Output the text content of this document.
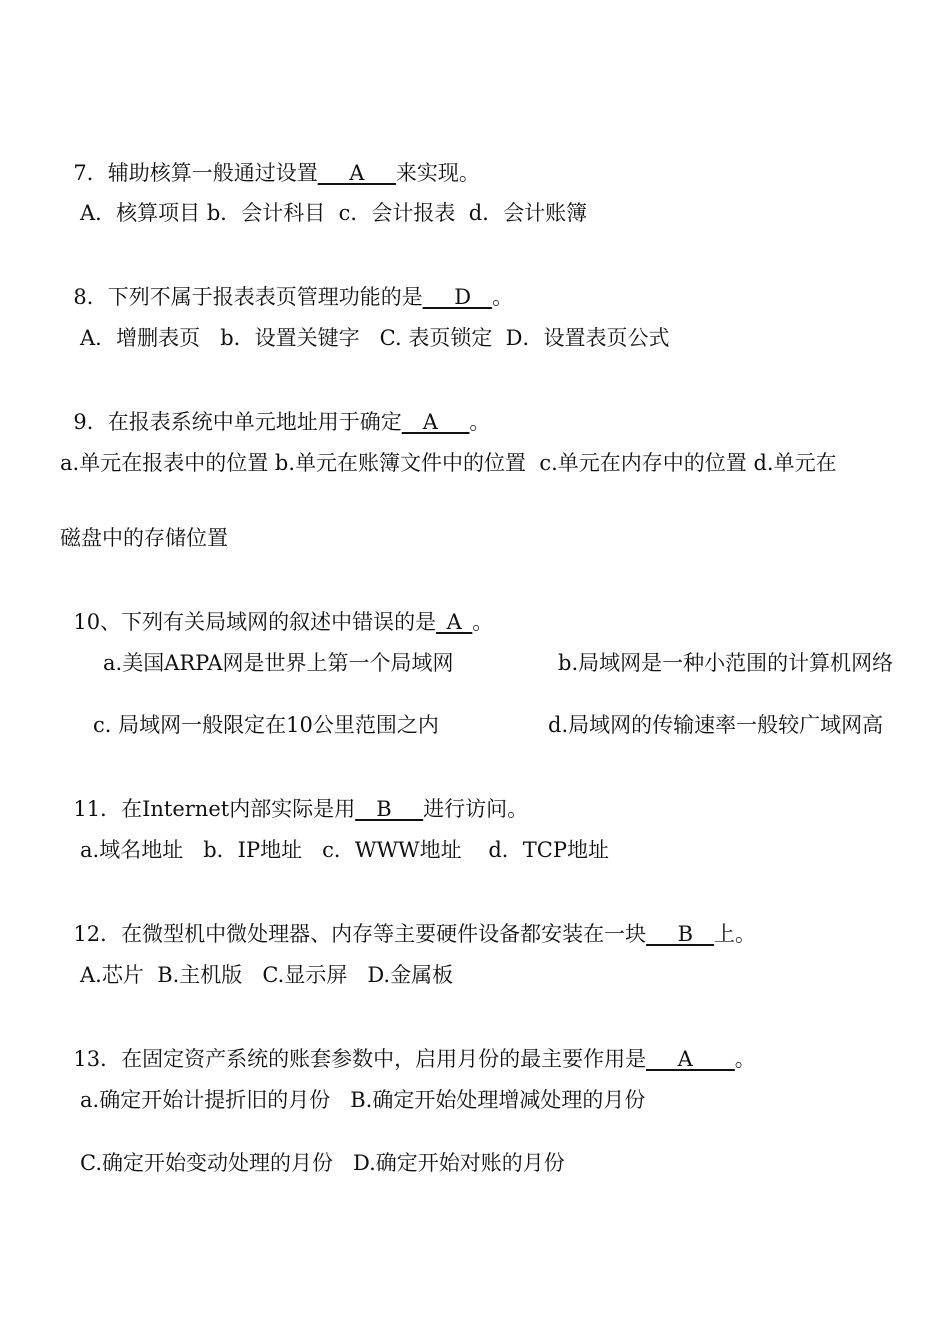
7．辅助核算一般通过设置___A___来实现。

A．核算项目 b．会计科目  c．会计报表  d．会计账簿

8．下列不属于报表表页管理功能的是___D__。

A．增删表页   b．设置关键字   C. 表页锁定  D．设置表页公式

9．在报表系统中单元地址用于确定__A___。

a.单元在报表中的位置 b.单元在账簿文件中的位置  c.单元在内存中的位置 d.单元在
磁盘中的存储位置

10、下列有关局域网的叙述中错误的是_A_。

a.美国ARPA网是世界上第一个局域网	b.局域网是一种小范围的计算机网络
c. 局域网一般限定在10公里范围之内	d.局域网的传输速率一般较广域网高

11．在Internet内部实际是用__B___进行访问。

a.域名地址   b．IP地址   c．WWW地址    d．TCP地址

12．在微型机中微处理器、内存等主要硬件设备都安装在一块___B__上。

A.芯片  B.主机版   C.显示屏   D.金属板

13．在固定资产系统的账套参数中，启用月份的最主要作用是___A____。

a.确定开始计提折旧的月份   B.确定开始处理增减处理的月份
C.确定开始变动处理的月份   D.确定开始对账的月份
